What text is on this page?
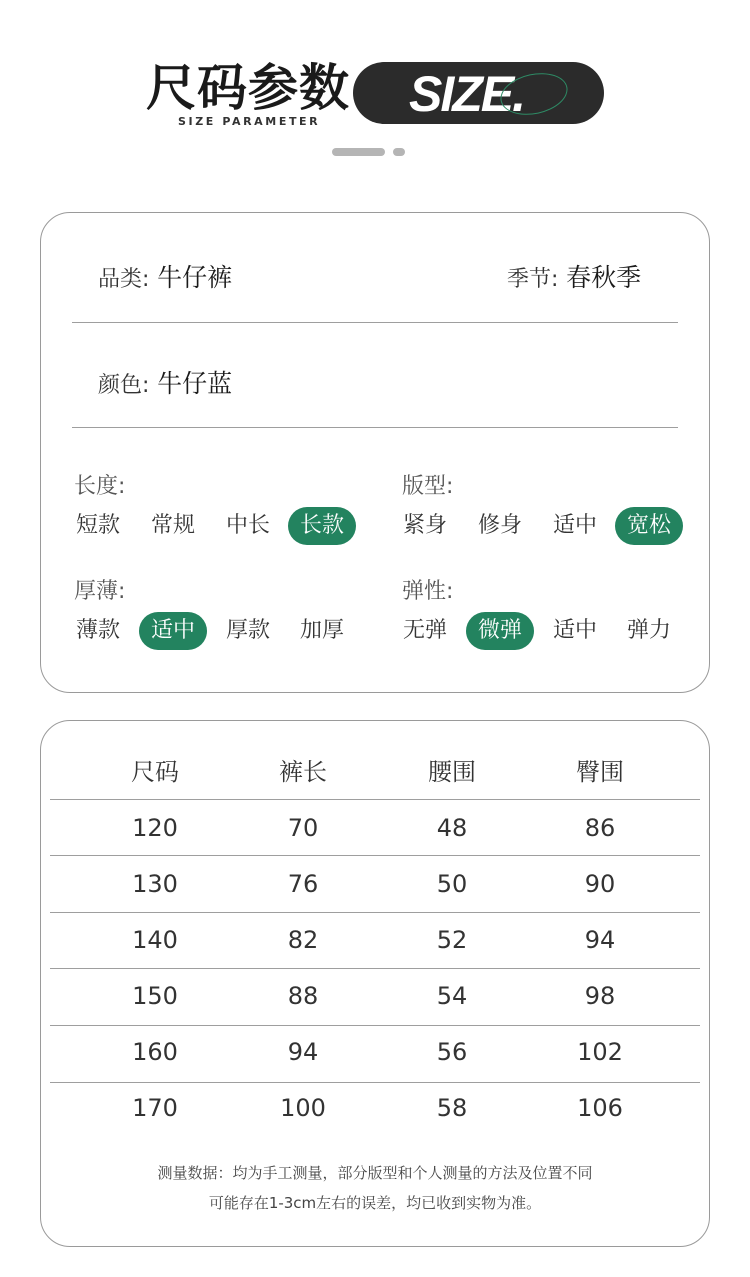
尺码参数
SIZE PARAMETER SIZE.
品类: 牛仔裤	季节: 春秋季
颜色: 牛仔蓝
长度:
短款	常规	中长	长款
版型:
紧身	修身	适中	宽松
厚薄:
薄款	适中	厚款	加厚
弹性:
无弹	微弹	适中	弹力
尺码	裤长	腰围	臀围
120	70	48	86
130	76	50	90
140	82	52	94
150	88	54	98
160	94	56	102
170	100	58	106
测量数据：均为手工测量，部分版型和个人测量的方法及位置不同
可能存在1-3cm左右的误差，均已收到实物为准。
